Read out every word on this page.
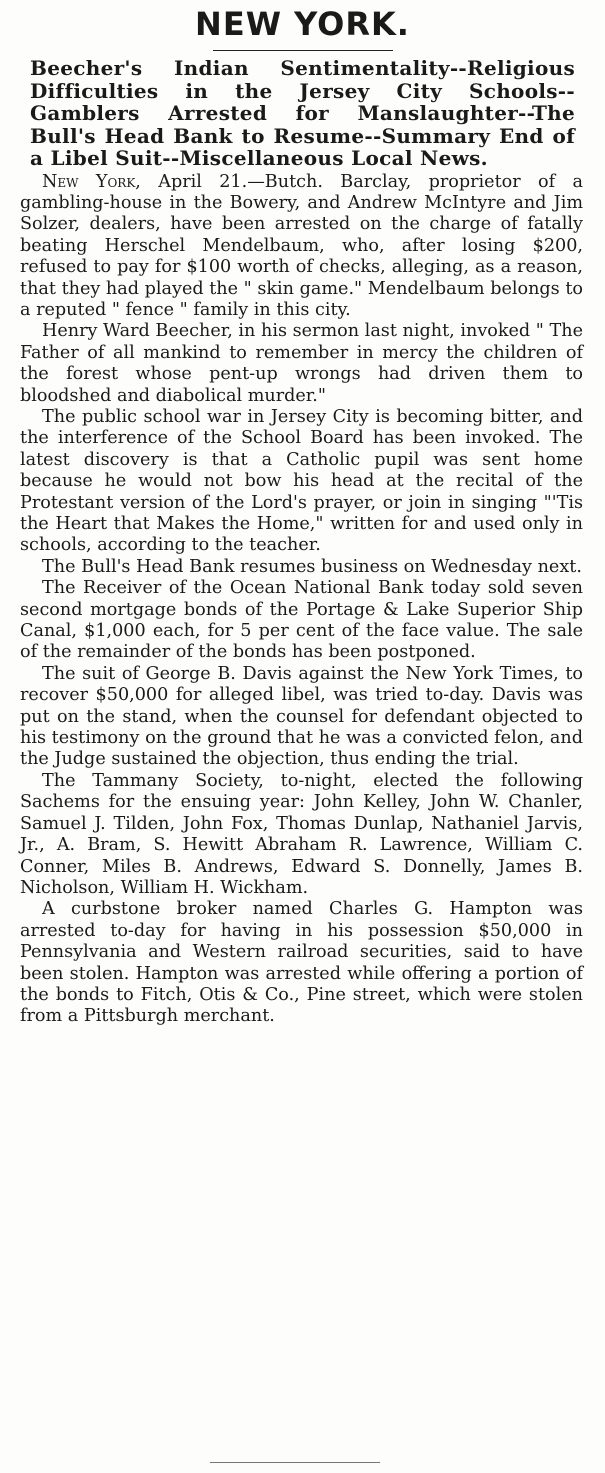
NEW YORK.
Beecher's Indian Sentimentality--Religious Difficulties in the Jersey City Schools--Gamblers Arrested for Manslaughter--The Bull's Head Bank to Resume--Summary End of a Libel Suit--Miscellaneous Local News.

New York, April 21.—Butch. Barclay, proprietor of a gambling-house in the Bowery, and Andrew McIntyre and Jim Solzer, dealers, have been arrested on the charge of fatally beating Herschel Mendelbaum, who, after losing $200, refused to pay for $100 worth of checks, alleging, as a reason, that they had played the " skin game." Mendelbaum belongs to a reputed " fence " family in this city.

Henry Ward Beecher, in his sermon last night, invoked " The Father of all mankind to remember in mercy the children of the forest whose pent-up wrongs had driven them to bloodshed and diabolical murder."

The public school war in Jersey City is becoming bitter, and the interference of the School Board has been invoked. The latest discovery is that a Catholic pupil was sent home because he would not bow his head at the recital of the Protestant version of the Lord's prayer, or join in singing "'Tis the Heart that Makes the Home," written for and used only in schools, according to the teacher.

The Bull's Head Bank resumes business on Wednesday next.

The Receiver of the Ocean National Bank today sold seven second mortgage bonds of the Portage & Lake Superior Ship Canal, $1,000 each, for 5 per cent of the face value. The sale of the remainder of the bonds has been postponed.

The suit of George B. Davis against the New York Times, to recover $50,000 for alleged libel, was tried to-day. Davis was put on the stand, when the counsel for defendant objected to his testimony on the ground that he was a convicted felon, and the Judge sustained the objection, thus ending the trial.

The Tammany Society, to-night, elected the following Sachems for the ensuing year: John Kelley, John W. Chanler, Samuel J. Tilden, John Fox, Thomas Dunlap, Nathaniel Jarvis, Jr., A. Bram, S. Hewitt Abraham R. Lawrence, William C. Conner, Miles B. Andrews, Edward S. Donnelly, James B. Nicholson, William H. Wickham.

A curbstone broker named Charles G. Hampton was arrested to-day for having in his possession $50,000 in Pennsylvania and Western railroad securities, said to have been stolen. Hampton was arrested while offering a portion of the bonds to Fitch, Otis & Co., Pine street, which were stolen from a Pittsburgh merchant.
